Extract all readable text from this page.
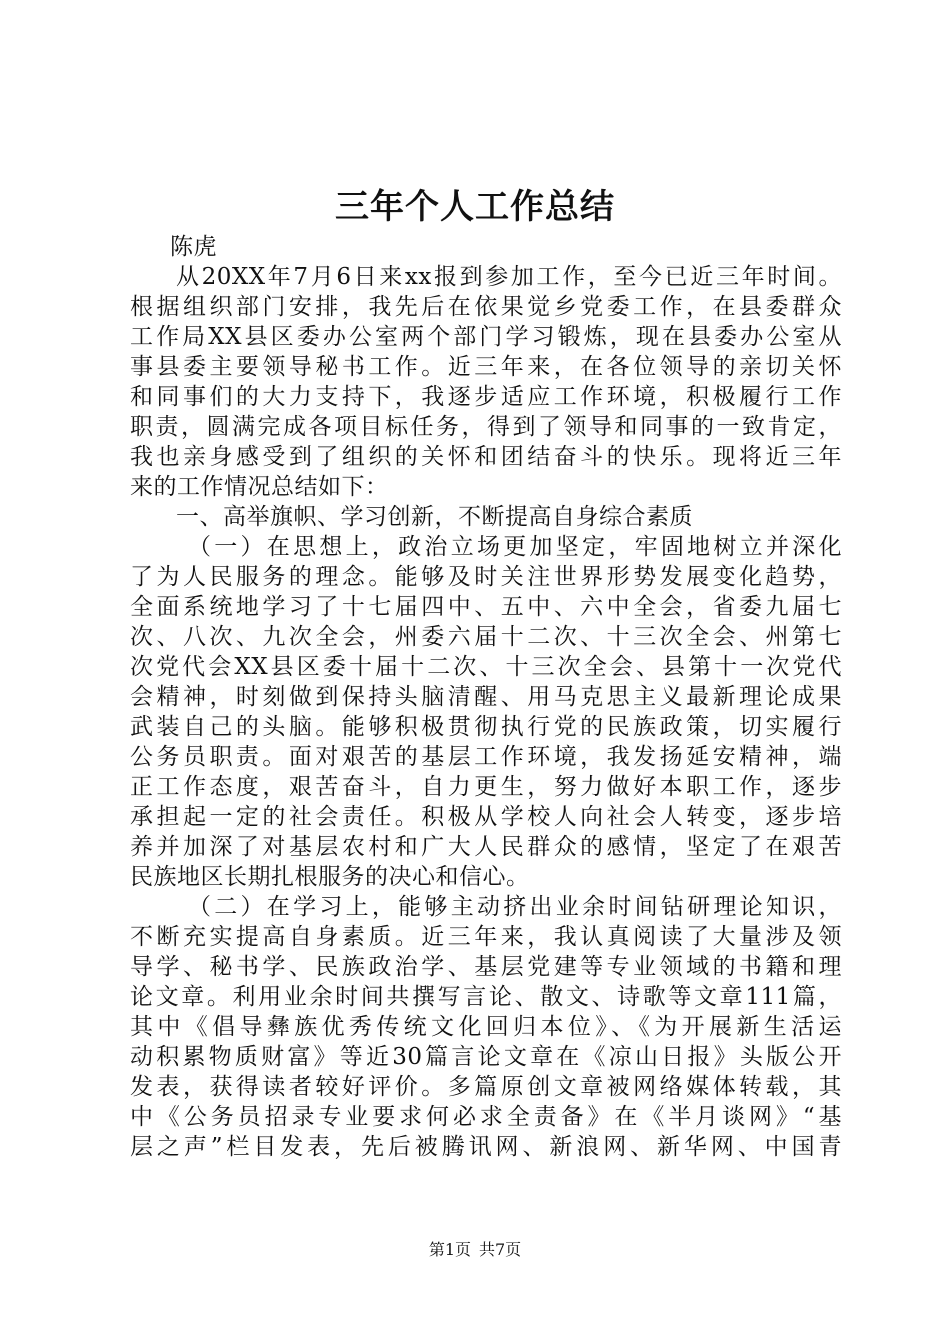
三年个人工作总结
陈虎
从20XX年7月6日来xx报到参加工作，至今已近三年时间。
根据组织部门安排，我先后在依果觉乡党委工作，在县委群众
工作局XX县区委办公室两个部门学习锻炼，现在县委办公室从
事县委主要领导秘书工作。近三年来，在各位领导的亲切关怀
和同事们的大力支持下，我逐步适应工作环境，积极履行工作
职责，圆满完成各项目标任务，得到了领导和同事的一致肯定，
我也亲身感受到了组织的关怀和团结奋斗的快乐。现将近三年
来的工作情况总结如下：
一、高举旗帜、学习创新，不断提高自身综合素质
（一）在思想上，政治立场更加坚定，牢固地树立并深化
了为人民服务的理念。能够及时关注世界形势发展变化趋势，
全面系统地学习了十七届四中、五中、六中全会，省委九届七
次、八次、九次全会，州委六届十二次、十三次全会、州第七
次党代会XX县区委十届十二次、十三次全会、县第十一次党代
会精神，时刻做到保持头脑清醒、用马克思主义最新理论成果
武装自己的头脑。能够积极贯彻执行党的民族政策，切实履行
公务员职责。面对艰苦的基层工作环境，我发扬延安精神，端
正工作态度，艰苦奋斗，自力更生，努力做好本职工作，逐步
承担起一定的社会责任。积极从学校人向社会人转变，逐步培
养并加深了对基层农村和广大人民群众的感情，坚定了在艰苦
民族地区长期扎根服务的决心和信心。
（二）在学习上，能够主动挤出业余时间钻研理论知识，
不断充实提高自身素质。近三年来，我认真阅读了大量涉及领
导学、秘书学、民族政治学、基层党建等专业领域的书籍和理
论文章。利用业余时间共撰写言论、散文、诗歌等文章111篇，
其中《倡导彝族优秀传统文化回归本位》、《为开展新生活运
动积累物质财富》等近30篇言论文章在《凉山日报》头版公开
发表，获得读者较好评价。多篇原创文章被网络媒体转载，其
中《公务员招录专业要求何必求全责备》在《半月谈网》“基
层之声”栏目发表，先后被腾讯网、新浪网、新华网、中国青
第1页 共7页
